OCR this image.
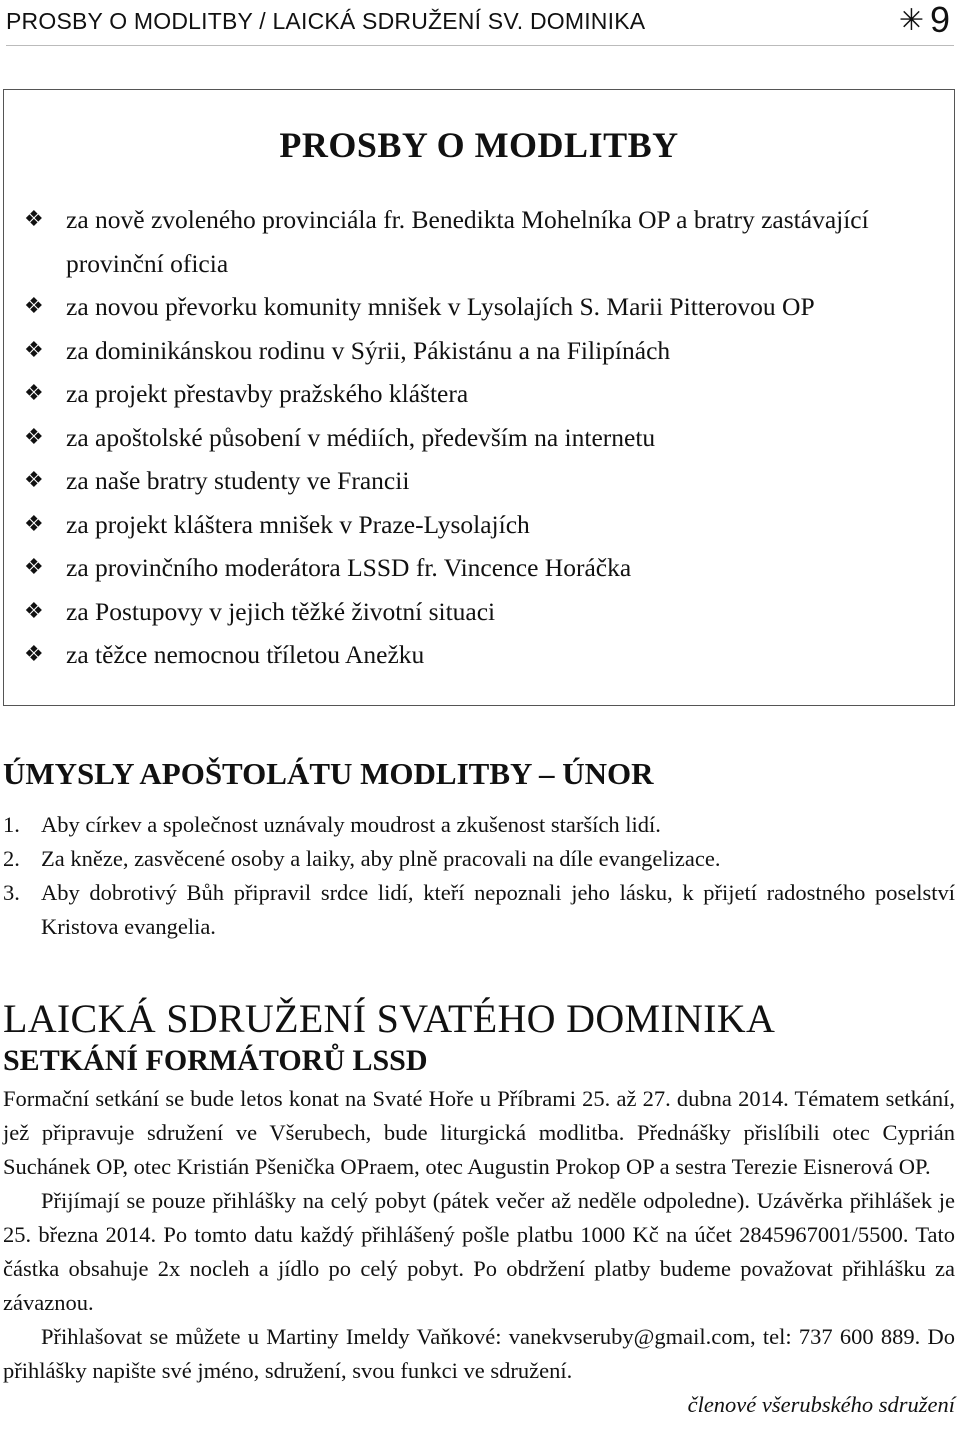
PROSBY O MODLITBY / LAICKÁ SDRUŽENÍ SV. DOMINIKA	✳ 9
PROSBY O MODLITBY
❖ za nově zvoleného provinciála fr. Benedikta Mohelníka OP a bratry zastávající provinční oficia
❖ za novou převorku komunity mnišek v Lysolajích S. Marii Pitterovou OP
❖ za dominikánskou rodinu v Sýrii, Pákistánu a na Filipínách
❖ za projekt přestavby pražského kláštera
❖ za apoštolské působení v médiích, především na internetu
❖ za naše bratry studenty ve Francii
❖ za projekt kláštera mnišek v Praze-Lysolajích
❖ za provinčního moderátora LSSD fr. Vincence Horáčka
❖ za Postupovy v jejich těžké životní situaci
❖ za těžce nemocnou tříletou Anežku
ÚMYSLY APOŠTOLÁTU MODLITBY – ÚNOR
1. Aby církev a společnost uznávaly moudrost a zkušenost starších lidí.
2. Za kněze, zasvěcené osoby a laiky, aby plně pracovali na díle evangelizace.
3. Aby dobrotivý Bůh připravil srdce lidí, kteří nepoznali jeho lásku, k přijetí radostného poselství Kristova evangelia.
LAICKÁ SDRUŽENÍ SVATÉHO DOMINIKA
SETKÁNÍ FORMÁTORŮ LSSD

Formační setkání se bude letos konat na Svaté Hoře u Příbrami 25. až 27. dubna 2014. Tématem setkání, jež připravuje sdružení ve Všerubech, bude liturgická modlitba. Přednášky přislíbili otec Cyprián Suchánek OP, otec Kristián Pšenička OPraem, otec Augustin Prokop OP a sestra Terezie Eisnerová OP.

Přijímají se pouze přihlášky na celý pobyt (pátek večer až neděle odpoledne). Uzávěrka přihlášek je 25. března 2014. Po tomto datu každý přihlášený pošle platbu 1000 Kč na účet 2845967001/5500. Tato částka obsahuje 2x nocleh a jídlo po celý pobyt. Po obdržení platby budeme považovat přihlášku za závaznou.

Přihlašovat se můžete u Martiny Imeldy Vaňkové: vanekvseruby@gmail.com, tel: 737 600 889. Do přihlášky napište své jméno, sdružení, svou funkci ve sdružení.

členové všerubského sdružení
